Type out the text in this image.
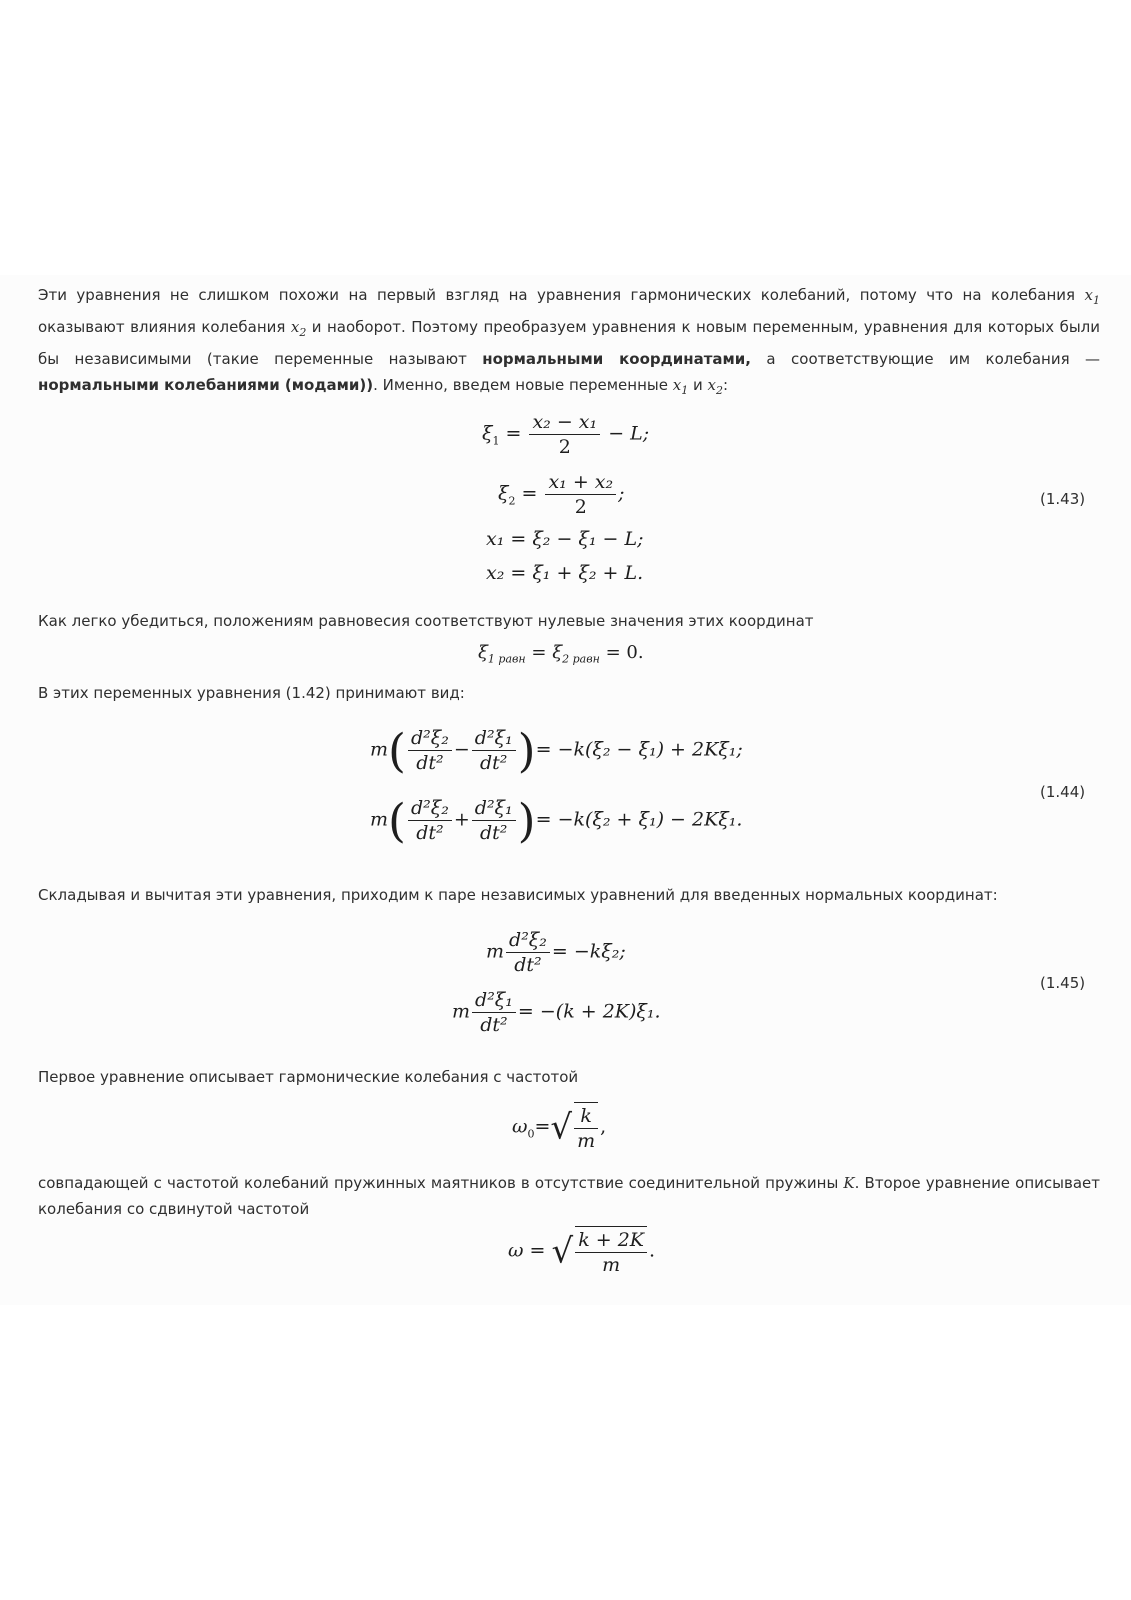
Эти уравнения не слишком похожи на первый взгляд на уравнения гармонических колебаний, потому что на колебания $x_1$ оказывают влияния колебания $x_2$ и наоборот. Поэтому преобразуем уравнения к новым переменным, уравнения для которых были бы независимыми (такие переменные называют нормальными координатами, а соответствующие им колебания — нормальными колебаниями (модами)). Именно, введем новые переменные $x_1$ и $x_2$:
$\xi_1 = \frac{\text{x₂ − x₁}}{2} - L$;
$\xi_2 = \frac{\text{x₁ + x₂}}{2}$ ;
x₁ = ξ₂ − ξ₁ − L;
x₂ = ξ₁ + ξ₂ + L.
(1.43)
Как легко убедиться, положениям равновесия соответствуют нулевые значения этих координат
$\xi_{1 равн} = \xi_{2 равн} = 0$.
В этих переменных уравнения (1.42) принимают вид:
$m( \frac{\text{d²ξ₂}}{\text{dt²}} - \frac{\text{d²ξ₁}}{\text{dt²}}$ )= −k(ξ₂ − ξ₁) + 2Kξ₁;
$m( \frac{\text{d²ξ₂}}{\text{dt²}} + \frac{\text{d²ξ₁}}{\text{dt²}}$ )= −k(ξ₂ + ξ₁) − 2Kξ₁.
(1.44)
Складывая и вычитая эти уравнения, приходим к паре независимых уравнений для введенных нормальных координат:
m $\frac{\text{d²ξ₂}}{\text{dt²}} = -k\xi_2$;
m $\frac{\text{d²ξ₁}}{\text{dt²}} = -(k + 2K)\xi_1$.
(1.45)
Первое уравнение описывает гармонические колебания с частотой
$\omega_0=√ \frac{k}{m}$ ,
совпадающей с частотой колебаний пружинных маятников в отсутствие соединительной пружины K. Второе уравнение описывает колебания со сдвинутой частотой
ω = √ $\frac{k + 2K}{m}$ .
